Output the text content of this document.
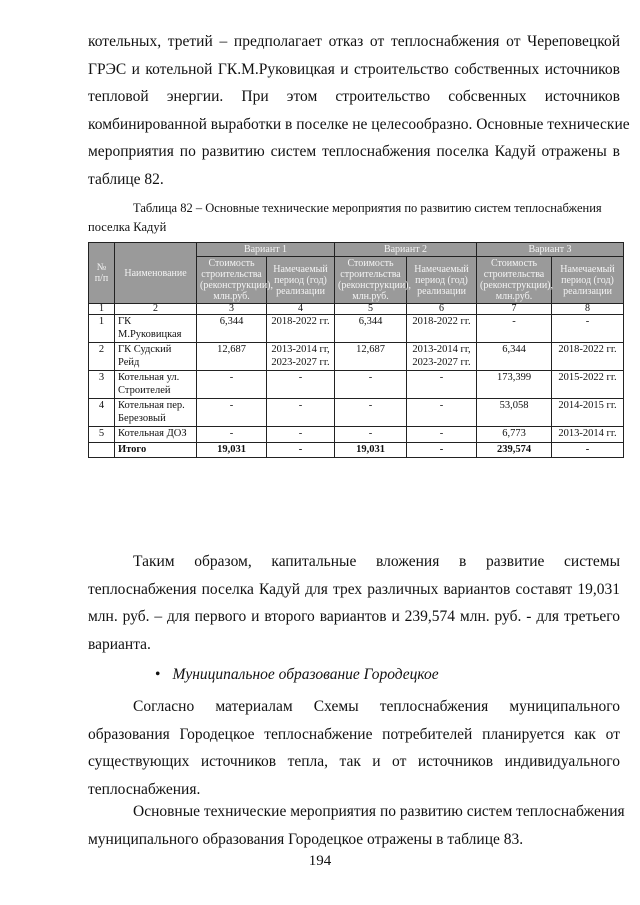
котельных, третий – предполагает отказ от теплоснабжения от Череповецкой
ГРЭС и котельной ГК.М.Руковицкая и строительство собственных источников
тепловой энергии. При этом строительство собсвенных источников
комбинированной выработки в поселке не целесообразно. Основные технические
мероприятия по развитию систем теплоснабжения поселка Кадуй отражены в
таблице 82.

Таблица 82 – Основные технические мероприятия по развитию систем теплоснабжения
поселка Кадуй

№ п/п	Наименование	Вариант 1		Вариант 2		Вариант 3	
		Стоимость строительства (реконструкции), млн.руб.	Намечаемый период (год) реализации	Стоимость строительства (реконструкции), млн.руб.	Намечаемый период (год) реализации	Стоимость строительства (реконструкции), млн.руб.	Намечаемый период (год) реализации
1	2	3	4	5	6	7	8
1	ГК М.Руковицкая	6,344	2018-2022 гг.	6,344	2018-2022 гг.	-	-
2	ГК Судский Рейд	12,687	2013-2014 гг, 2023-2027 гг.	12,687	2013-2014 гг, 2023-2027 гг.	6,344	2018-2022 гг.
3	Котельная ул. Строителей	-	-	-	-	173,399	2015-2022 гг.
4	Котельная пер. Березовый	-	-	-	-	53,058	2014-2015 гг.
5	Котельная ДОЗ	-	-	-	-	6,773	2013-2014 гг.
	Итого	19,031	-	19,031	-	239,574	-
Таким образом, капитальные вложения в развитие системы
теплоснабжения поселка Кадуй для трех различных вариантов составят 19,031
млн. руб. – для первого и второго вариантов и 239,574 млн. руб. - для третьего
варианта.
• Муниципальное образование Городецкое
Согласно материалам Схемы теплоснабжения муниципального
образования Городецкое теплоснабжение потребителей планируется как от
существующих источников тепла, так и от источников индивидуального
теплоснабжения.
Основные технические мероприятия по развитию систем теплоснабжения
муниципального образования Городецкое отражены в таблице 83.
194
